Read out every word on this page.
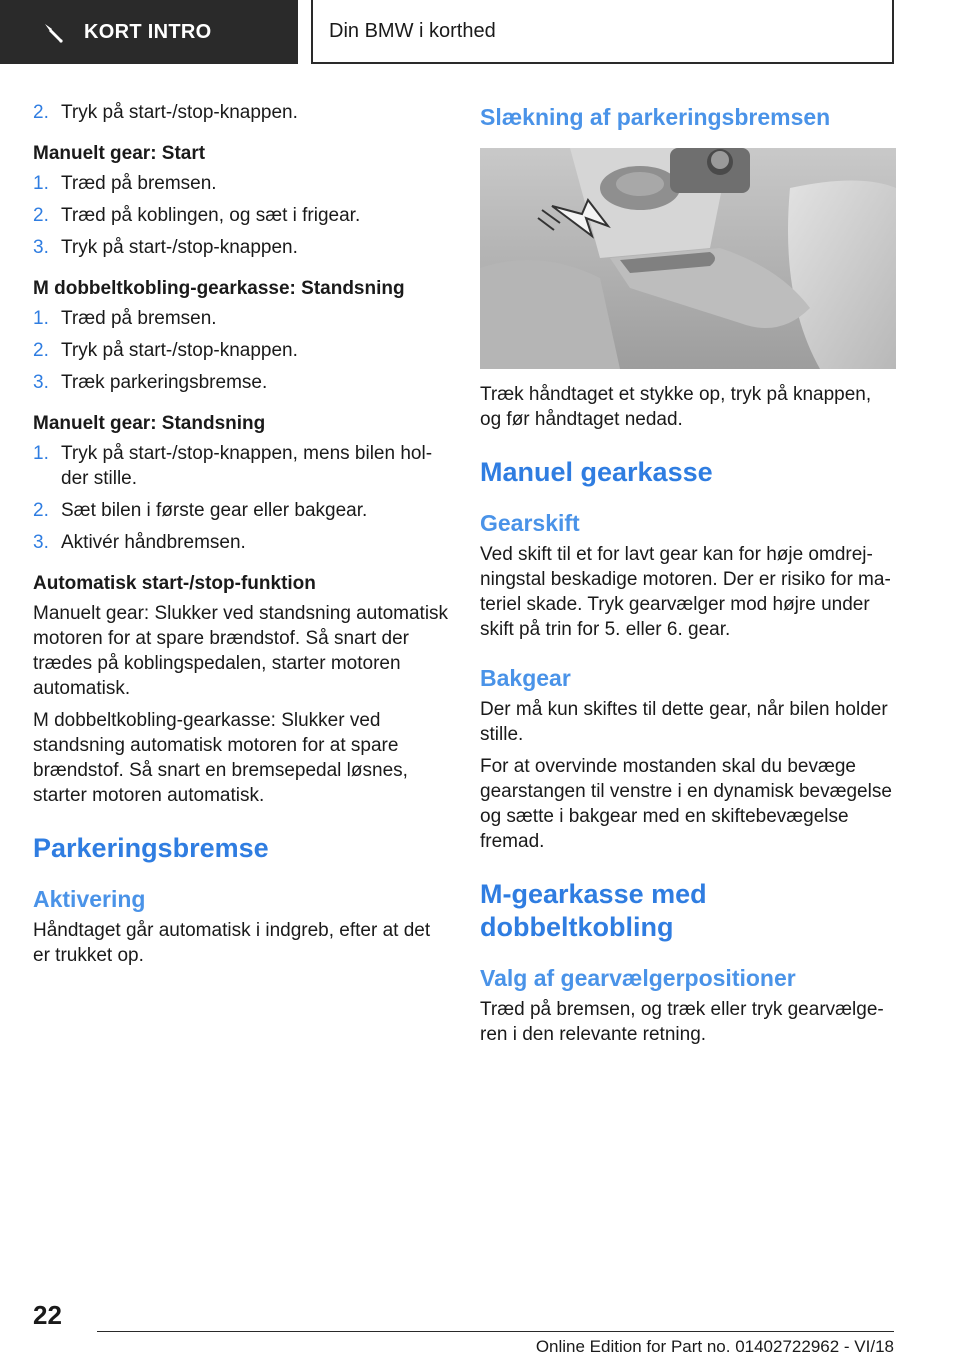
KORT INTRO	Din BMW i korthed
2. Tryk på start-/stop-knappen.
Manuelt gear: Start
1. Træd på bremsen.
2. Træd på koblingen, og sæt i frigear.
3. Tryk på start-/stop-knappen.
M dobbeltkobling-gearkasse: Standsning
1. Træd på bremsen.
2. Tryk på start-/stop-knappen.
3. Træk parkeringsbremse.
Manuelt gear: Standsning
1. Tryk på start-/stop-knappen, mens bilen holder stille.
2. Sæt bilen i første gear eller bakgear.
3. Aktivér håndbremsen.
Automatisk start-/stop-funktion

Manuelt gear: Slukker ved standsning automatisk motoren for at spare brændstof. Så snart der trædes på koblingspedalen, starter motoren automatisk.

M dobbeltkobling-gearkasse: Slukker ved standsning automatisk motoren for at spare brændstof. Så snart en bremsepedal løsnes, starter motoren automatisk.

Parkeringsbremse
Aktivering

Håndtaget går automatisk i indgreb, efter at det er trukket op.

Slækning af parkeringsbremsen

Træk håndtaget et stykke op, tryk på knappen, og før håndtaget nedad.

Manuel gearkasse
Gearskift

Ved skift til et for lavt gear kan for høje omdrejningstal beskadige motoren. Der er risiko for materiel skade. Tryk gearvælger mod højre under skift på trin for 5. eller 6. gear.

Bakgear

Der må kun skiftes til dette gear, når bilen holder stille.

For at overvinde mostanden skal du bevæge gearstangen til venstre i en dynamisk bevægelse og sætte i bakgear med en skiftebevægelse fremad.

M-gearkasse med dobbeltkobling
Valg af gearvælgerpositioner

Træd på bremsen, og træk eller tryk gearvælgeren i den relevante retning.

22
Online Edition for Part no. 01402722962 - VI/18
